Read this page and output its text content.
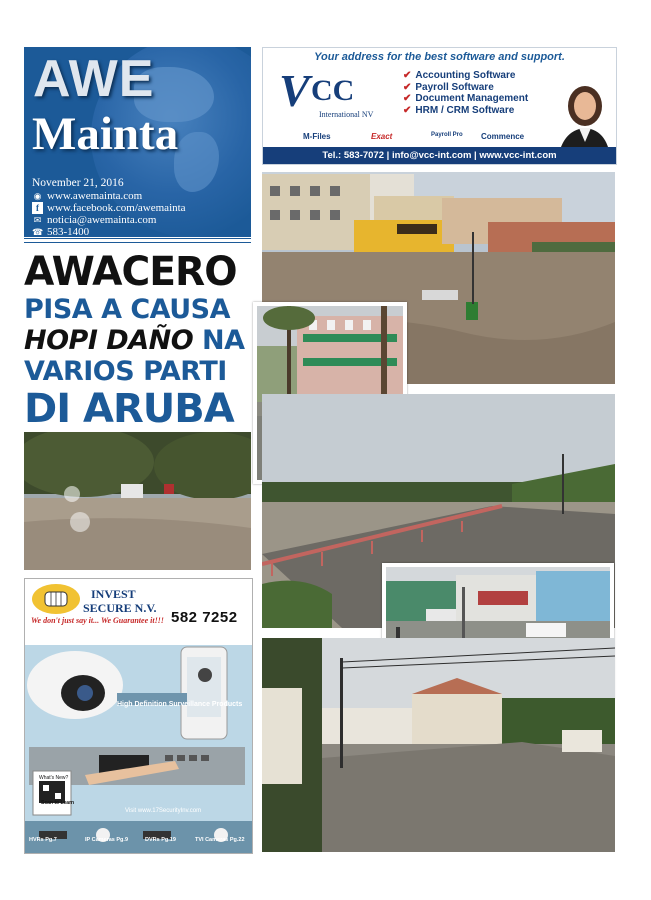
AWE
Mainta
November 21, 2016
◉ www.awemainta.com
f www.facebook.com/awemainta
✉ noticia@awemainta.com
☎ 583-1400
AWACERO
PISA A CAUSA
HOPI DAÑO NA
VARIOS PARTI
DI ARUBA
Your address for the best software and support.
V CC
International NV
✔ Accounting Software
✔ Payroll Software
✔ Document Management
✔ HRM / CRM Software
M-Files	Exact	Payroll Pro Commence
Tel.: 583-7072 | info@vcc-int.com | www.vcc-int.com
INVEST
SECURE N.V.
We don't just say it... We Guarantee it!!! 582 7252
High Definition Surveillance Products
What's New?
Scan to Learn
Visit www.17SecurityInv.com
HVRs Pg.7	IP Cameras Pg.9	DVRs Pg.19	TVI Cameras Pg.22
